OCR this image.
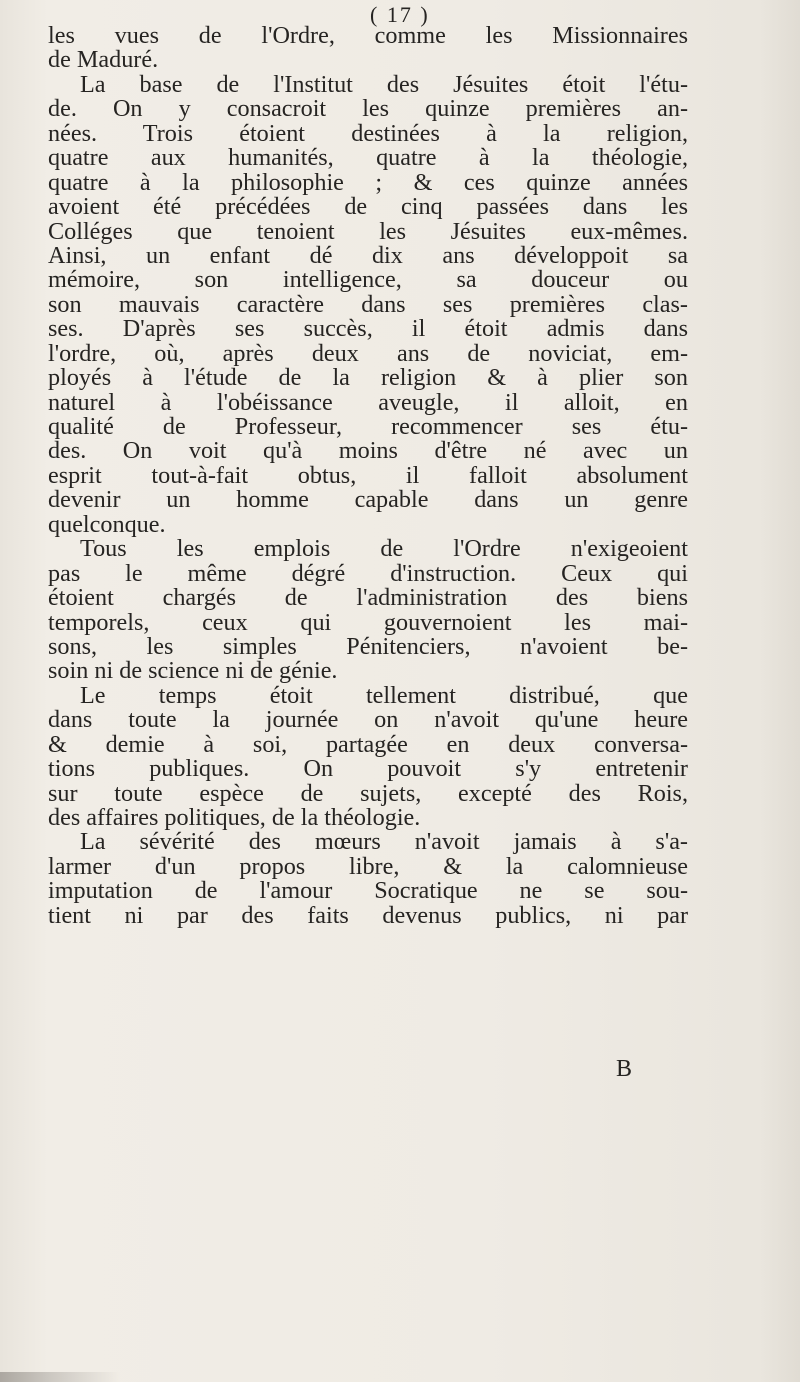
( 17 )
les vues de l'Ordre, comme les Missionnaires
de Maduré.
La base de l'Institut des Jésuites étoit l'étu-
de. On y consacroit les quinze premières an-
nées. Trois étoient destinées à la religion,
quatre aux humanités, quatre à la théologie,
quatre à la philosophie ; & ces quinze années
avoient été précédées de cinq passées dans les
Colléges que tenoient les Jésuites eux-mêmes.
Ainsi, un enfant dé dix ans développoit sa
mémoire, son intelligence, sa douceur ou
son mauvais caractère dans ses premières clas-
ses. D'après ses succès, il étoit admis dans
l'ordre, où, après deux ans de noviciat, em-
ployés à l'étude de la religion & à plier son
naturel à l'obéissance aveugle, il alloit, en
qualité de Professeur, recommencer ses étu-
des. On voit qu'à moins d'être né avec un
esprit tout-à-fait obtus, il falloit absolument
devenir un homme capable dans un genre
quelconque.
Tous les emplois de l'Ordre n'exigeoient
pas le même dégré d'instruction. Ceux qui
étoient chargés de l'administration des biens
temporels, ceux qui gouvernoient les mai-
sons, les simples Pénitenciers, n'avoient be-
soin ni de science ni de génie.
Le temps étoit tellement distribué, que
dans toute la journée on n'avoit qu'une heure
& demie à soi, partagée en deux conversa-
tions publiques. On pouvoit s'y entretenir
sur toute espèce de sujets, excepté des Rois,
des affaires politiques, de la théologie.
La sévérité des mœurs n'avoit jamais à s'a-
larmer d'un propos libre, & la calomnieuse
imputation de l'amour Socratique ne se sou-
tient ni par des faits devenus publics, ni par
B
